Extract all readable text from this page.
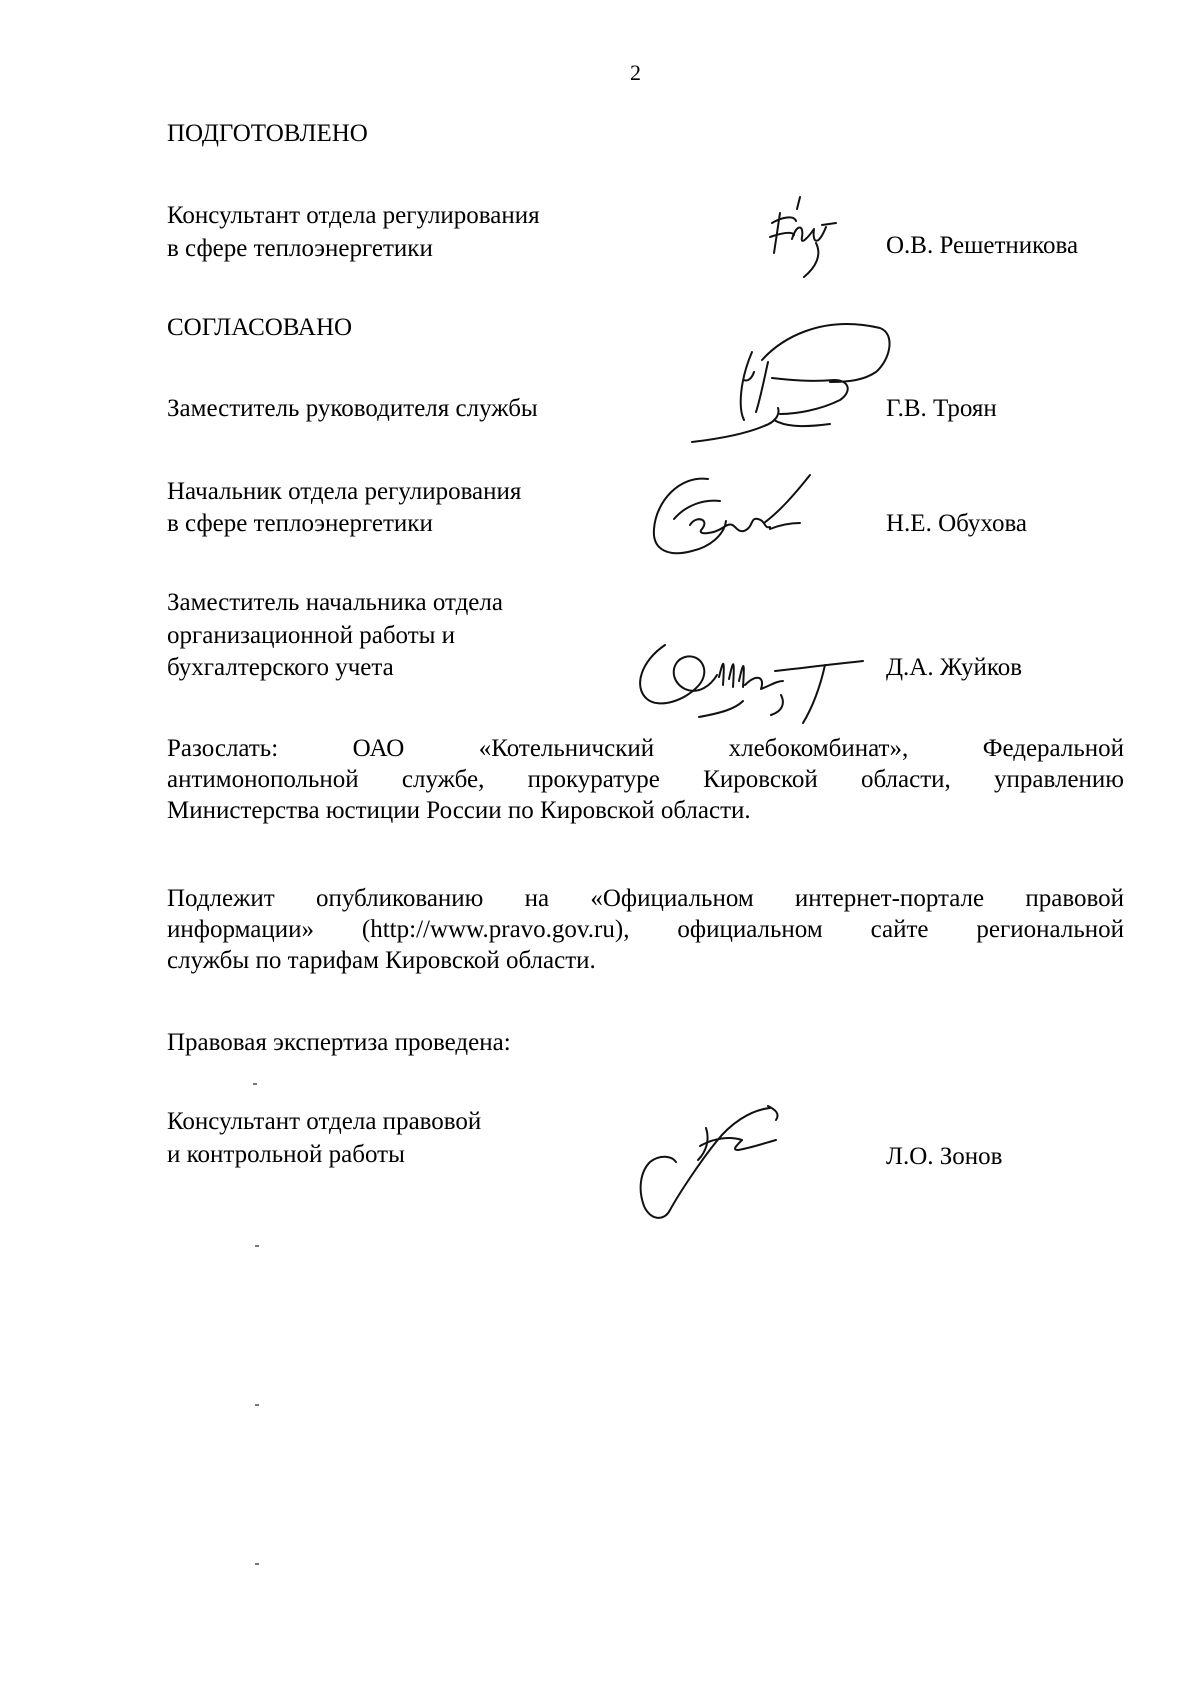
2
ПОДГОТОВЛЕНО
Консультант отдела регулирования
в сфере теплоэнергетики	О.В. Решетникова
СОГЛАСОВАНО
Заместитель руководителя службы	Г.В. Троян
Начальник отдела регулирования
в сфере теплоэнергетики	Н.Е. Обухова
Заместитель начальника отдела
организационной работы и
бухгалтерского учета	Д.А. Жуйков
Разослать: ОАО «Котельничский хлебокомбинат», Федеральной
антимонопольной службе, прокуратуре Кировской области, управлению
Министерства юстиции России по Кировской области.
Подлежит опубликованию на «Официальном интернет-портале правовой
информации» (http://www.pravo.gov.ru), официальном сайте региональной
службы по тарифам Кировской области.
Правовая экспертиза проведена:
Консультант отдела правовой
и контрольной работы	Л.О. Зонов
